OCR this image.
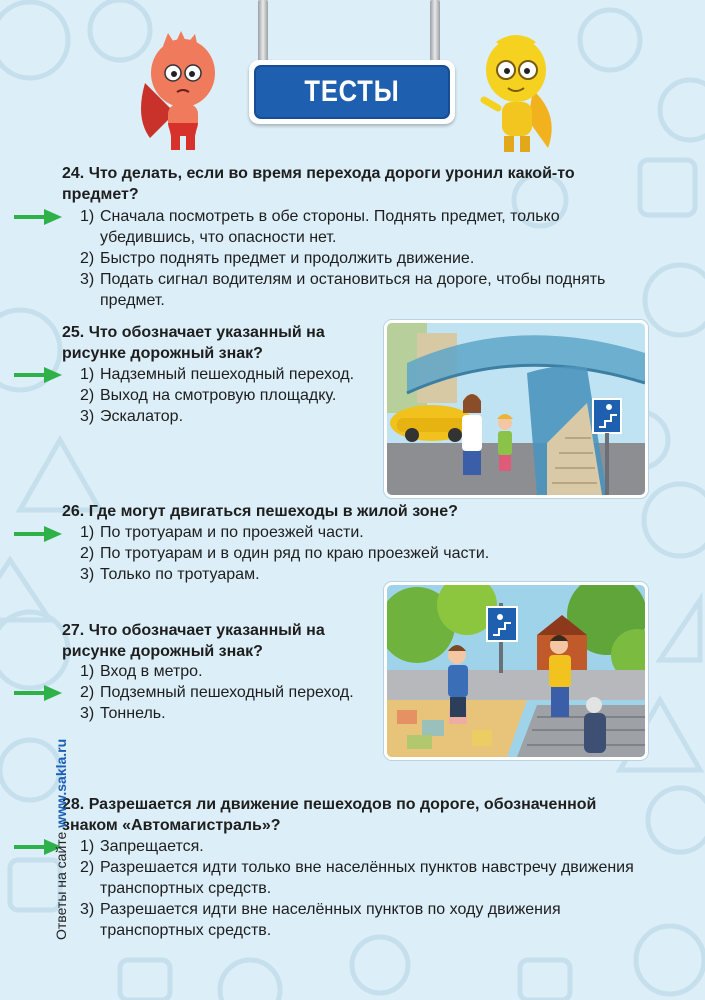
ТЕСТЫ
24. Что делать, если во время перехода дороги уронил какой-то предмет?
1) Сначала посмотреть в обе стороны. Поднять предмет, только убедившись, что опасности нет.
2) Быстро поднять предмет и продолжить движение.
3) Подать сигнал водителям и остановиться на дороге, чтобы поднять предмет.
25. Что обозначает указанный на рисунке дорожный знак?
1) Надземный пешеходный переход.
2) Выход на смотровую площадку.
3) Эскалатор.
26. Где могут двигаться пешеходы в жилой зоне?
1) По тротуарам и по проезжей части.
2) По тротуарам и в один ряд по краю проезжей части.
3) Только по тротуарам.
27. Что обозначает указанный на рисунке дорожный знак?
1) Вход в метро.
2) Подземный пешеходный переход.
3) Тоннель.
28. Разрешается ли движение пешеходов по дороге, обозначенной знаком «Автомагистраль»?
1) Запрещается.
2) Разрешается идти только вне населённых пунктов навстречу движения транспортных средств.
3) Разрешается идти вне населённых пунктов по ходу движения транспортных средств.
Ответы на сайте www.sakla.ru
